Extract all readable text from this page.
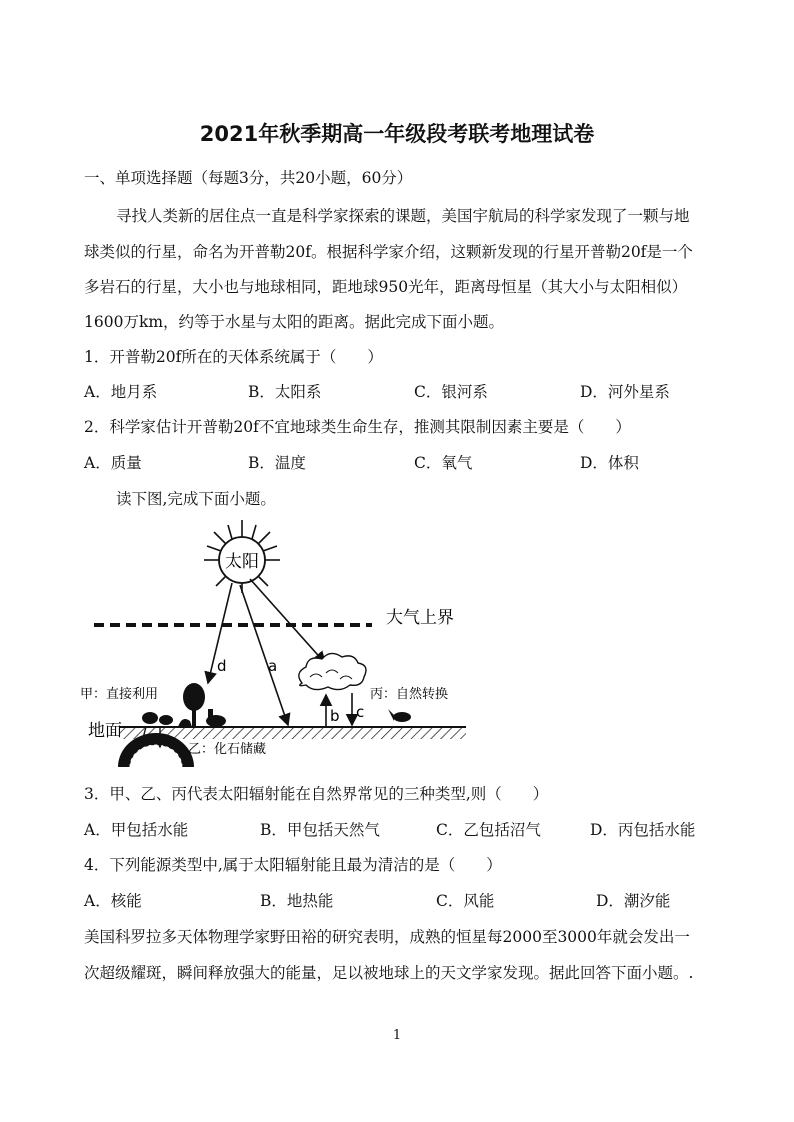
2021年秋季期高一年级段考联考地理试卷
一、单项选择题（每题3分，共20小题，60分）
寻找人类新的居住点一直是科学家探索的课题，美国宇航局的科学家发现了一颗与地
球类似的行星，命名为开普勒20f。根据科学家介绍，这颗新发现的行星开普勒20f是一个
多岩石的行星，大小也与地球相同，距地球950光年，距离母恒星（其大小与太阳相似）
1600万km，约等于水星与太阳的距离。据此完成下面小题。
1．开普勒20f所在的天体系统属于（　　）
A．地月系	B．太阳系	C．银河系	D．河外星系
2．科学家估计开普勒20f不宜地球类生命生存，推测其限制因素主要是（　　）
A．质量	B．温度	C．氧气	D．体积
读下图,完成下面小题。
太阳
大气上界
d	a
b c
甲：直接利用	丙：自然转换
地面
乙：化石储藏
3．甲、乙、丙代表太阳辐射能在自然界常见的三种类型,则（　　）
A．甲包括水能	B．甲包括天然气	C．乙包括沼气	D．丙包括水能
4．下列能源类型中,属于太阳辐射能且最为清洁的是（　　）
A．核能	B．地热能	C．风能	D．潮汐能
美国科罗拉多天体物理学家野田裕的研究表明，成熟的恒星每2000至3000年就会发出一
次超级耀斑，瞬间释放强大的能量，足以被地球上的天文学家发现。据此回答下面小题。.
1
